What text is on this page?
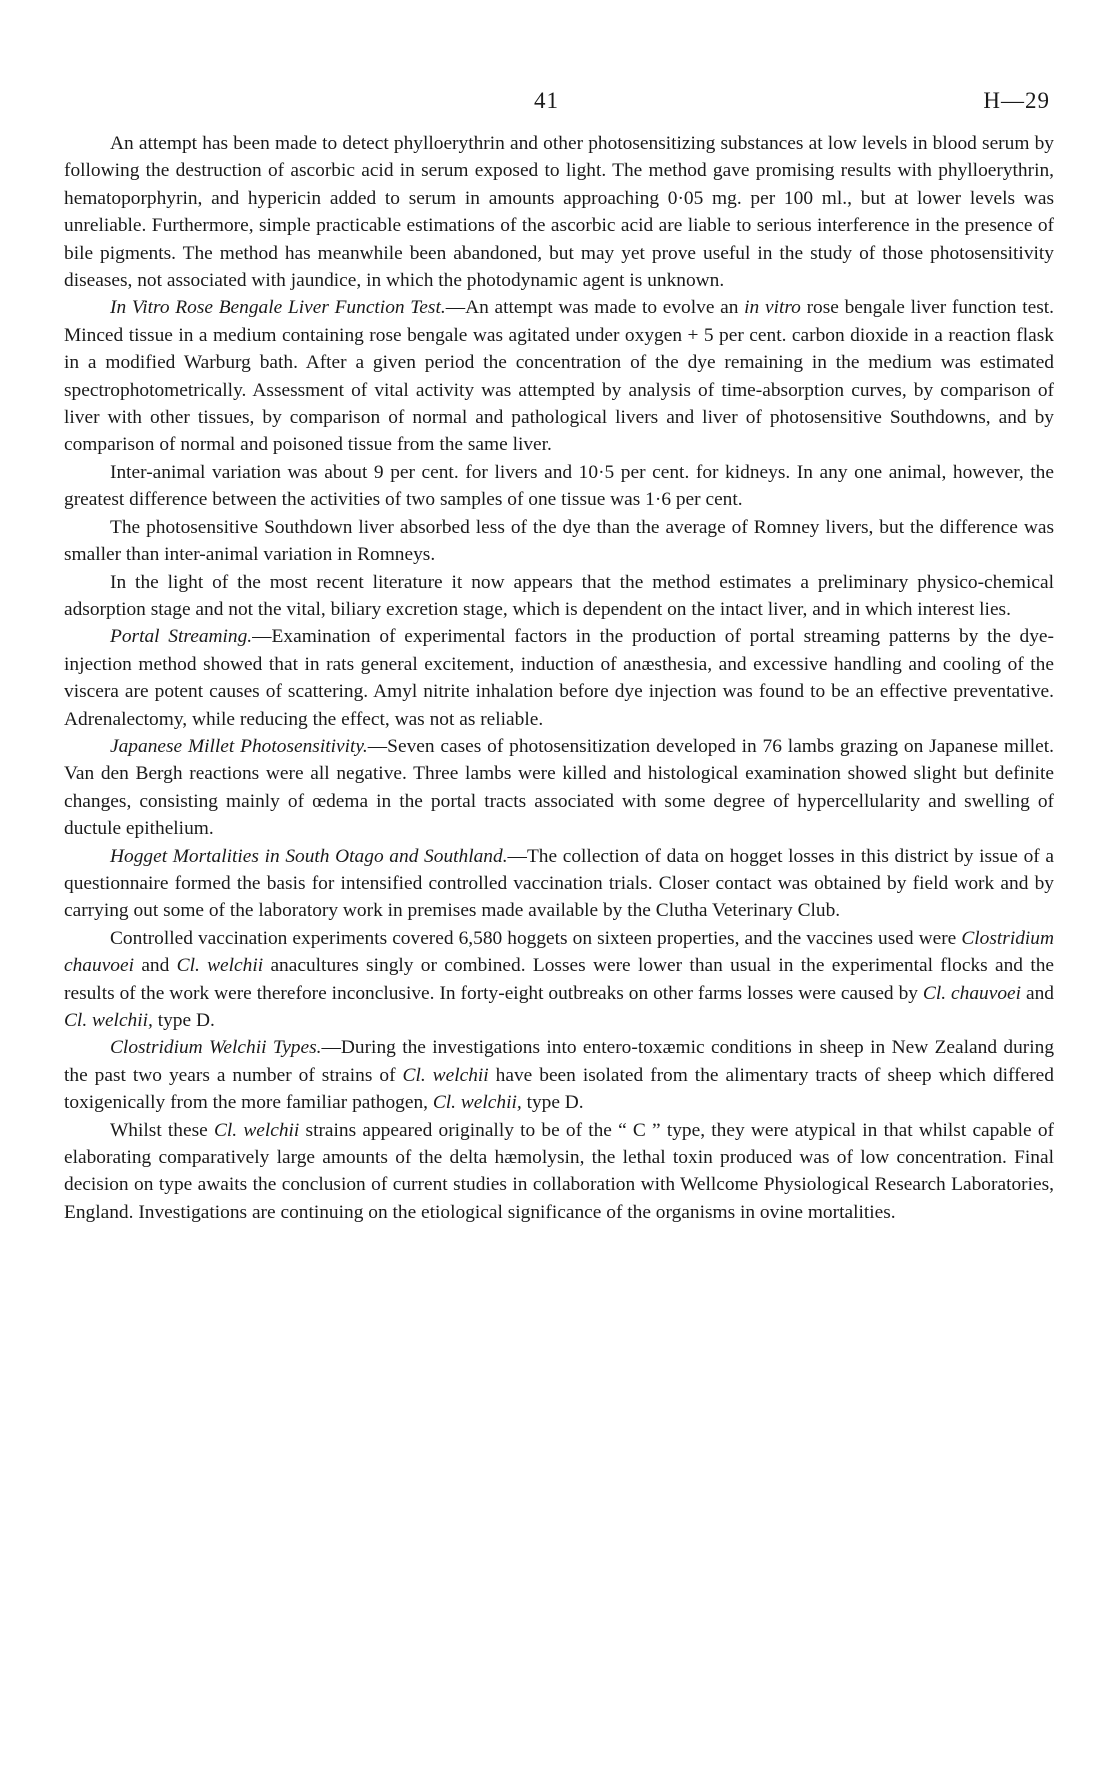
41	H—29

An attempt has been made to detect phylloerythrin and other photosensitizing substances at low levels in blood serum by following the destruction of ascorbic acid in serum exposed to light. The method gave promising results with phylloerythrin, hematoporphyrin, and hypericin added to serum in amounts approaching 0·05 mg. per 100 ml., but at lower levels was unreliable. Furthermore, simple practicable estimations of the ascorbic acid are liable to serious interference in the presence of bile pigments. The method has meanwhile been abandoned, but may yet prove useful in the study of those photosensitivity diseases, not associated with jaundice, in which the photodynamic agent is unknown.

In Vitro Rose Bengale Liver Function Test.—An attempt was made to evolve an in vitro rose bengale liver function test. Minced tissue in a medium containing rose bengale was agitated under oxygen + 5 per cent. carbon dioxide in a reaction flask in a modified Warburg bath. After a given period the concentration of the dye remaining in the medium was estimated spectrophotometrically. Assessment of vital activity was attempted by analysis of time-absorption curves, by comparison of liver with other tissues, by comparison of normal and pathological livers and liver of photosensitive Southdowns, and by comparison of normal and poisoned tissue from the same liver.

Inter-animal variation was about 9 per cent. for livers and 10·5 per cent. for kidneys. In any one animal, however, the greatest difference between the activities of two samples of one tissue was 1·6 per cent.

The photosensitive Southdown liver absorbed less of the dye than the average of Romney livers, but the difference was smaller than inter-animal variation in Romneys.

In the light of the most recent literature it now appears that the method estimates a preliminary physico-chemical adsorption stage and not the vital, biliary excretion stage, which is dependent on the intact liver, and in which interest lies.

Portal Streaming.—Examination of experimental factors in the production of portal streaming patterns by the dye-injection method showed that in rats general excitement, induction of anæsthesia, and excessive handling and cooling of the viscera are potent causes of scattering. Amyl nitrite inhalation before dye injection was found to be an effective preventative. Adrenalectomy, while reducing the effect, was not as reliable.

Japanese Millet Photosensitivity.—Seven cases of photosensitization developed in 76 lambs grazing on Japanese millet. Van den Bergh reactions were all negative. Three lambs were killed and histological examination showed slight but definite changes, consisting mainly of œdema in the portal tracts associated with some degree of hypercellularity and swelling of ductule epithelium.

Hogget Mortalities in South Otago and Southland.—The collection of data on hogget losses in this district by issue of a questionnaire formed the basis for intensified controlled vaccination trials. Closer contact was obtained by field work and by carrying out some of the laboratory work in premises made available by the Clutha Veterinary Club.

Controlled vaccination experiments covered 6,580 hoggets on sixteen properties, and the vaccines used were Clostridium chauvoei and Cl. welchii anacultures singly or combined. Losses were lower than usual in the experimental flocks and the results of the work were therefore inconclusive. In forty-eight outbreaks on other farms losses were caused by Cl. chauvoei and Cl. welchii, type D.

Clostridium Welchii Types.—During the investigations into entero-toxæmic conditions in sheep in New Zealand during the past two years a number of strains of Cl. welchii have been isolated from the alimentary tracts of sheep which differed toxigenically from the more familiar pathogen, Cl. welchii, type D.

Whilst these Cl. welchii strains appeared originally to be of the “ C ” type, they were atypical in that whilst capable of elaborating comparatively large amounts of the delta hæmolysin, the lethal toxin produced was of low concentration. Final decision on type awaits the conclusion of current studies in collaboration with Wellcome Physiological Research Laboratories, England. Investigations are continuing on the etiological significance of the organisms in ovine mortalities.
